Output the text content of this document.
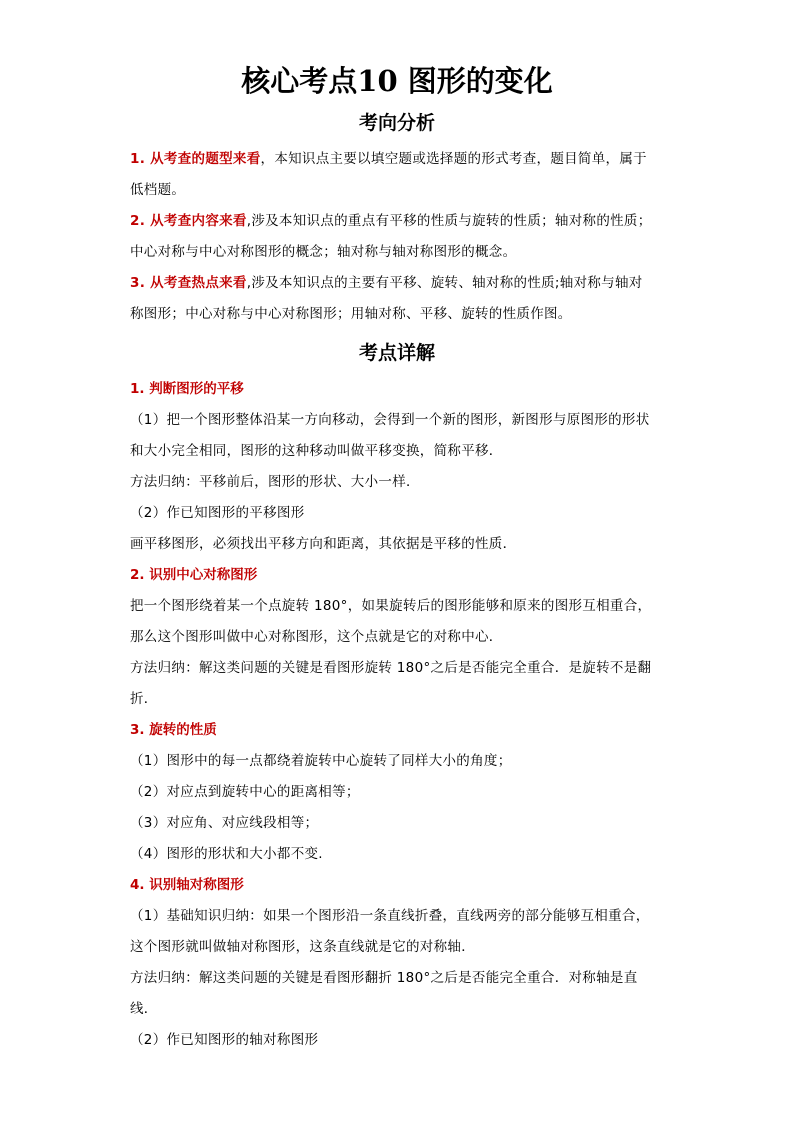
核心考点10 图形的变化
考向分析

1. 从考查的题型来看，本知识点主要以填空题或选择题的形式考查，题目简单，属于

低档题。

2. 从考查内容来看,涉及本知识点的重点有平移的性质与旋转的性质；轴对称的性质；

中心对称与中心对称图形的概念；轴对称与轴对称图形的概念。

3. 从考查热点来看,涉及本知识点的主要有平移、旋转、轴对称的性质;轴对称与轴对

称图形；中心对称与中心对称图形；用轴对称、平移、旋转的性质作图。

考点详解

1. 判断图形的平移

（1）把一个图形整体沿某一方向移动，会得到一个新的图形，新图形与原图形的形状

和大小完全相同，图形的这种移动叫做平移变换，简称平移．

方法归纳：平移前后，图形的形状、大小一样．

（2）作已知图形的平移图形

画平移图形，必须找出平移方向和距离，其依据是平移的性质．

2. 识别中心对称图形

把一个图形绕着某一个点旋转 180°，如果旋转后的图形能够和原来的图形互相重合，

那么这个图形叫做中心对称图形，这个点就是它的对称中心．

方法归纳：解这类问题的关键是看图形旋转 180°之后是否能完全重合．是旋转不是翻

折．

3. 旋转的性质

（1）图形中的每一点都绕着旋转中心旋转了同样大小的角度；

（2）对应点到旋转中心的距离相等；

（3）对应角、对应线段相等；

（4）图形的形状和大小都不变.

4. 识别轴对称图形

（1）基础知识归纳：如果一个图形沿一条直线折叠，直线两旁的部分能够互相重合，

这个图形就叫做轴对称图形，这条直线就是它的对称轴．

方法归纳：解这类问题的关键是看图形翻折 180°之后是否能完全重合．对称轴是直

线．

（2）作已知图形的轴对称图形
